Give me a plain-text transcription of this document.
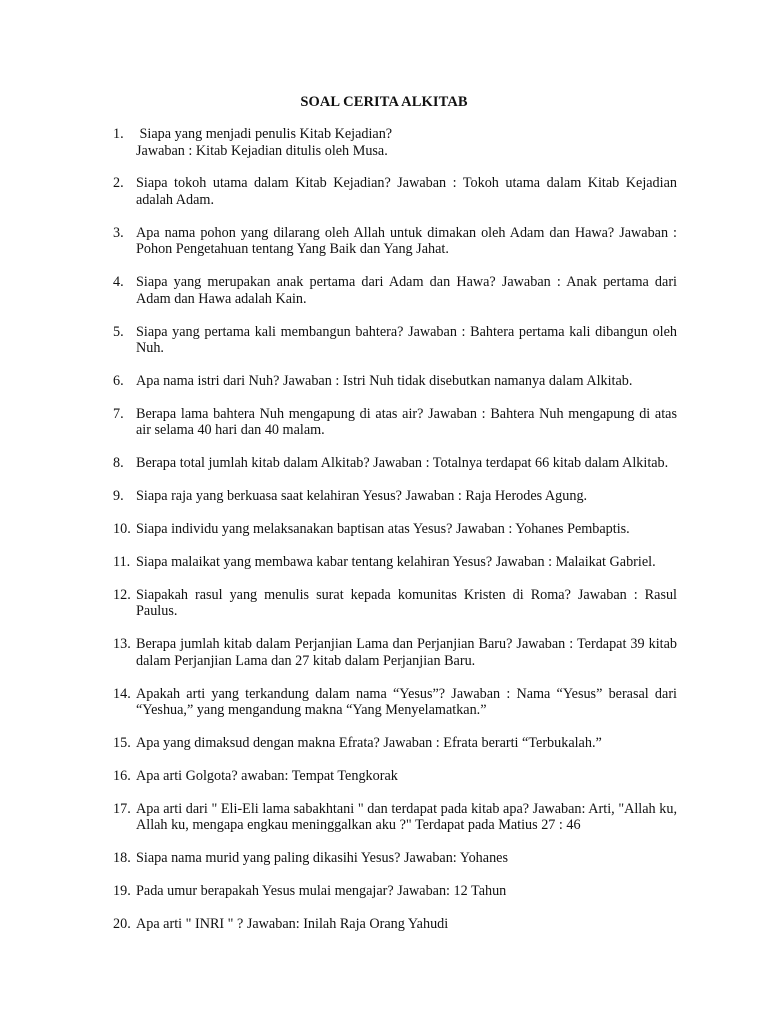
SOAL CERITA ALKITAB
1. Siapa yang menjadi penulis Kitab Kejadian?
Jawaban : Kitab Kejadian ditulis oleh Musa.
2. Siapa tokoh utama dalam Kitab Kejadian? Jawaban : Tokoh utama dalam Kitab Kejadian adalah Adam.
3. Apa nama pohon yang dilarang oleh Allah untuk dimakan oleh Adam dan Hawa? Jawaban : Pohon Pengetahuan tentang Yang Baik dan Yang Jahat.
4. Siapa yang merupakan anak pertama dari Adam dan Hawa? Jawaban : Anak pertama dari Adam dan Hawa adalah Kain.
5. Siapa yang pertama kali membangun bahtera? Jawaban : Bahtera pertama kali dibangun oleh Nuh.
6. Apa nama istri dari Nuh? Jawaban : Istri Nuh tidak disebutkan namanya dalam Alkitab.
7. Berapa lama bahtera Nuh mengapung di atas air? Jawaban : Bahtera Nuh mengapung di atas air selama 40 hari dan 40 malam.
8. Berapa total jumlah kitab dalam Alkitab? Jawaban : Totalnya terdapat 66 kitab dalam Alkitab.
9. Siapa raja yang berkuasa saat kelahiran Yesus? Jawaban : Raja Herodes Agung.
10. Siapa individu yang melaksanakan baptisan atas Yesus? Jawaban : Yohanes Pembaptis.
11. Siapa malaikat yang membawa kabar tentang kelahiran Yesus? Jawaban : Malaikat Gabriel.
12. Siapakah rasul yang menulis surat kepada komunitas Kristen di Roma? Jawaban : Rasul Paulus.
13. Berapa jumlah kitab dalam Perjanjian Lama dan Perjanjian Baru? Jawaban : Terdapat 39 kitab dalam Perjanjian Lama dan 27 kitab dalam Perjanjian Baru.
14. Apakah arti yang terkandung dalam nama “Yesus”? Jawaban : Nama “Yesus” berasal dari “Yeshua,” yang mengandung makna “Yang Menyelamatkan.”
15. Apa yang dimaksud dengan makna Efrata? Jawaban : Efrata berarti “Terbukalah.”
16. Apa arti Golgota? awaban: Tempat Tengkorak
17. Apa arti dari " Eli-Eli lama sabakhtani " dan terdapat pada kitab apa? Jawaban: Arti, "Allah ku, Allah ku, mengapa engkau meninggalkan aku ?" Terdapat pada Matius 27 : 46
18. Siapa nama murid yang paling dikasihi Yesus? Jawaban: Yohanes
19. Pada umur berapakah Yesus mulai mengajar? Jawaban: 12 Tahun
20. Apa arti " INRI " ? Jawaban: Inilah Raja Orang Yahudi
